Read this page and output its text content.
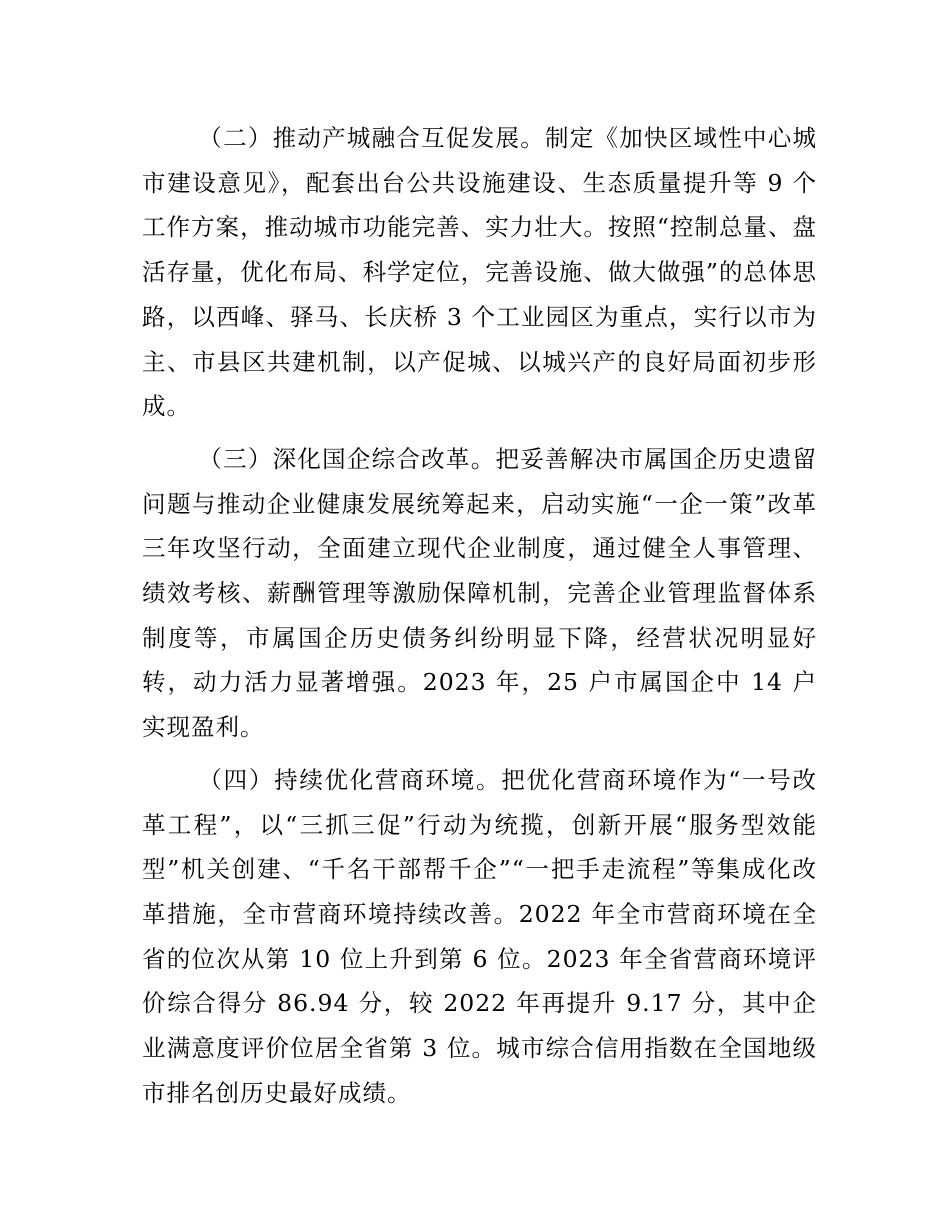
（二）推动产城融合互促发展。制定《加快区域性中心城市建设意见》，配套出台公共设施建设、生态质量提升等 9 个工作方案，推动城市功能完善、实力壮大。按照“控制总量、盘活存量，优化布局、科学定位，完善设施、做大做强”的总体思路，以西峰、驿马、长庆桥 3 个工业园区为重点，实行以市为主、市县区共建机制，以产促城、以城兴产的良好局面初步形成。

（三）深化国企综合改革。把妥善解决市属国企历史遗留问题与推动企业健康发展统筹起来，启动实施“一企一策”改革三年攻坚行动，全面建立现代企业制度，通过健全人事管理、绩效考核、薪酬管理等激励保障机制，完善企业管理监督体系制度等，市属国企历史债务纠纷明显下降，经营状况明显好转，动力活力显著增强。2023 年，25 户市属国企中 14 户实现盈利。

（四）持续优化营商环境。把优化营商环境作为“一号改革工程”，以“三抓三促”行动为统揽，创新开展“服务型效能型”机关创建、“千名干部帮千企”“一把手走流程”等集成化改革措施，全市营商环境持续改善。2022 年全市营商环境在全省的位次从第 10 位上升到第 6 位。2023 年全省营商环境评价综合得分 86.94 分，较 2022 年再提升 9.17 分，其中企业满意度评价位居全省第 3 位。城市综合信用指数在全国地级市排名创历史最好成绩。
